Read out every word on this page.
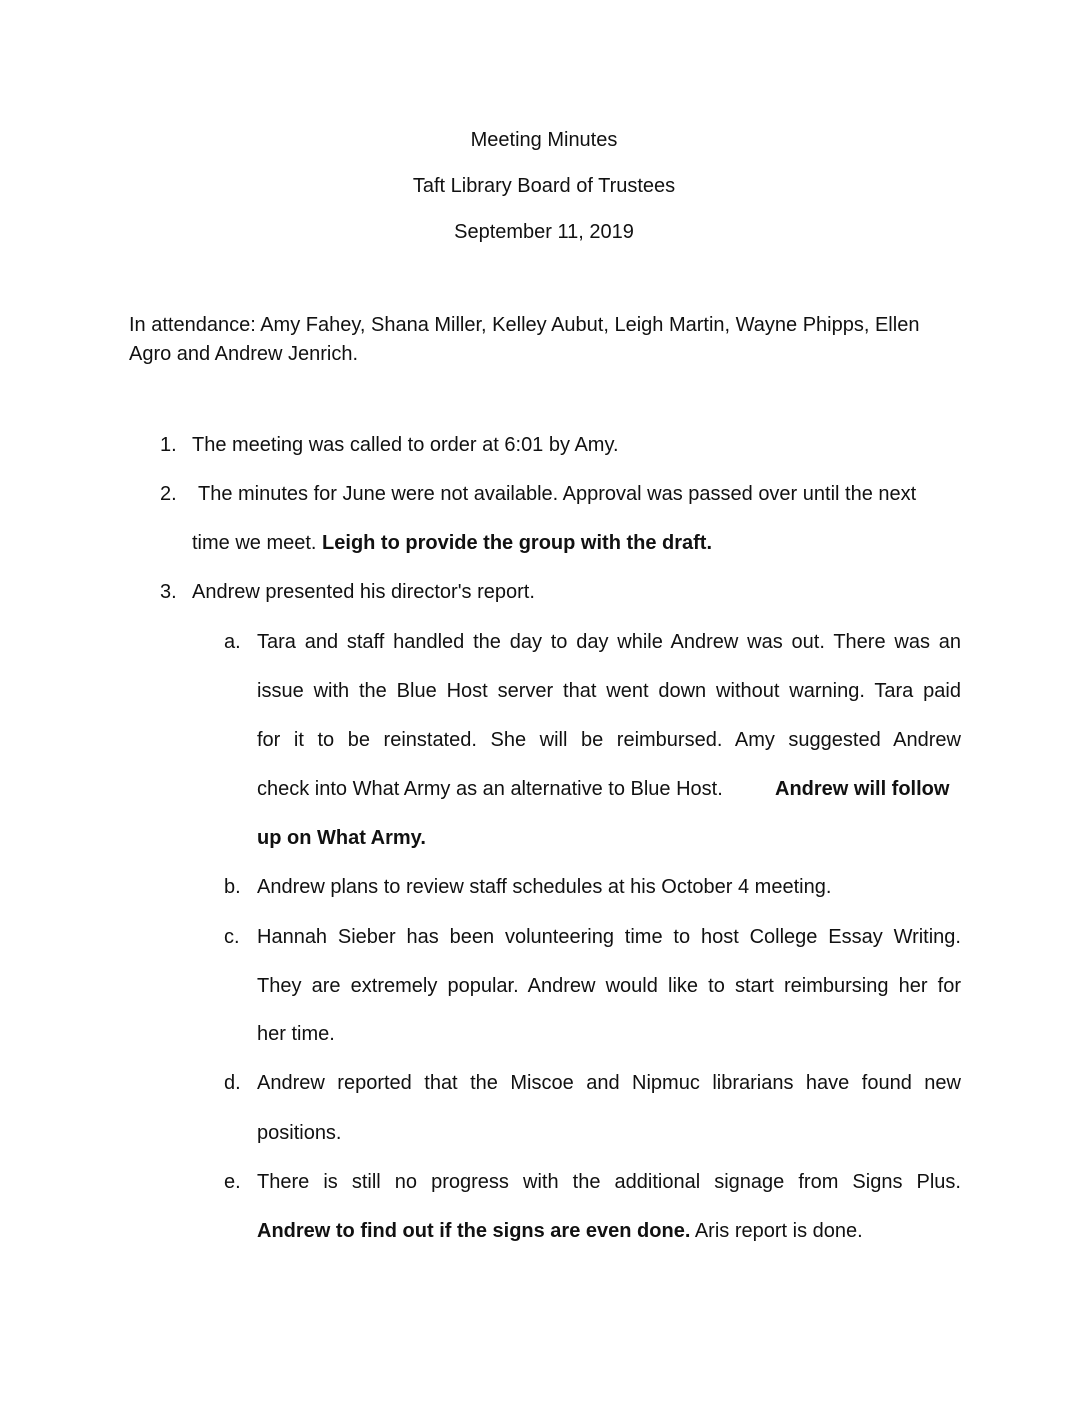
Meeting Minutes
Taft Library Board of Trustees
September 11, 2019
In attendance: Amy Fahey, Shana Miller, Kelley Aubut, Leigh Martin, Wayne Phipps, Ellen Agro and Andrew Jenrich.
1. The meeting was called to order at 6:01 by Amy.
2. The minutes for June were not available. Approval was passed over until the next
time we meet. Leigh to provide the group with the draft.
3. Andrew presented his director's report.
a. Tara and staff handled the day to day while Andrew was out. There was an
issue with the Blue Host server that went down without warning. Tara paid
for it to be reinstated. She will be reimbursed. Amy suggested Andrew
check into What Army as an alternative to Blue Host.	Andrew will follow
up on What Army.
b. Andrew plans to review staff schedules at his October 4 meeting.
c. Hannah Sieber has been volunteering time to host College Essay Writing.
They are extremely popular. Andrew would like to start reimbursing her for
her time.
d. Andrew reported that the Miscoe and Nipmuc librarians have found new
positions.
e. There is still no progress with the additional signage from Signs Plus.
Andrew to find out if the signs are even done. Aris report is done.
